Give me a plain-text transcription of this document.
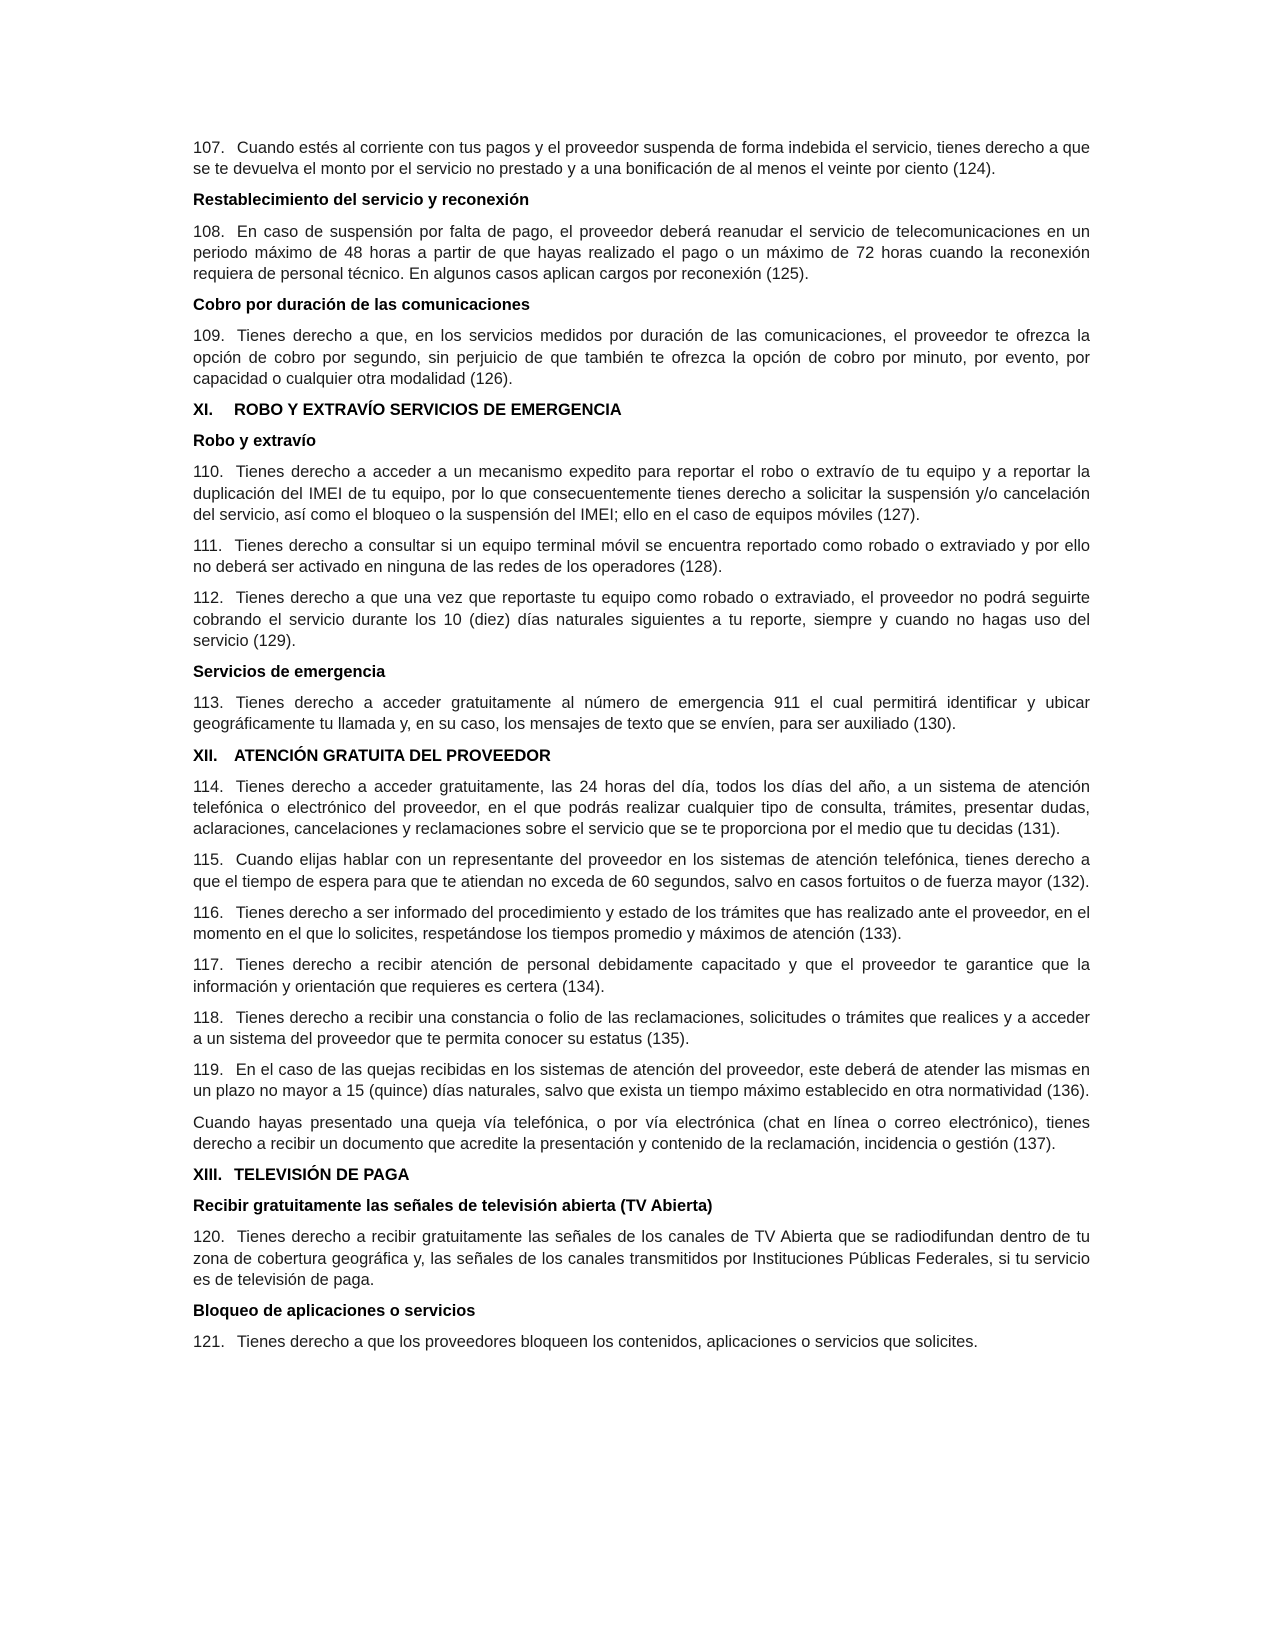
107. Cuando estés al corriente con tus pagos y el proveedor suspenda de forma indebida el servicio, tienes derecho a que se te devuelva el monto por el servicio no prestado y a una bonificación de al menos el veinte por ciento (124).

Restablecimiento del servicio y reconexión

108. En caso de suspensión por falta de pago, el proveedor deberá reanudar el servicio de telecomunicaciones en un periodo máximo de 48 horas a partir de que hayas realizado el pago o un máximo de 72 horas cuando la reconexión requiera de personal técnico. En algunos casos aplican cargos por reconexión (125).

Cobro por duración de las comunicaciones

109. Tienes derecho a que, en los servicios medidos por duración de las comunicaciones, el proveedor te ofrezca la opción de cobro por segundo, sin perjuicio de que también te ofrezca la opción de cobro por minuto, por evento, por capacidad o cualquier otra modalidad (126).

XI. ROBO Y EXTRAVÍO SERVICIOS DE EMERGENCIA

Robo y extravío

110. Tienes derecho a acceder a un mecanismo expedito para reportar el robo o extravío de tu equipo y a reportar la duplicación del IMEI de tu equipo, por lo que consecuentemente tienes derecho a solicitar la suspensión y/o cancelación del servicio, así como el bloqueo o la suspensión del IMEI; ello en el caso de equipos móviles (127).

111. Tienes derecho a consultar si un equipo terminal móvil se encuentra reportado como robado o extraviado y por ello no deberá ser activado en ninguna de las redes de los operadores (128).

112. Tienes derecho a que una vez que reportaste tu equipo como robado o extraviado, el proveedor no podrá seguirte cobrando el servicio durante los 10 (diez) días naturales siguientes a tu reporte, siempre y cuando no hagas uso del servicio (129).

Servicios de emergencia

113. Tienes derecho a acceder gratuitamente al número de emergencia 911 el cual permitirá identificar y ubicar geográficamente tu llamada y, en su caso, los mensajes de texto que se envíen, para ser auxiliado (130).

XII. ATENCIÓN GRATUITA DEL PROVEEDOR

114. Tienes derecho a acceder gratuitamente, las 24 horas del día, todos los días del año, a un sistema de atención telefónica o electrónico del proveedor, en el que podrás realizar cualquier tipo de consulta, trámites, presentar dudas, aclaraciones, cancelaciones y reclamaciones sobre el servicio que se te proporciona por el medio que tu decidas (131).

115. Cuando elijas hablar con un representante del proveedor en los sistemas de atención telefónica, tienes derecho a que el tiempo de espera para que te atiendan no exceda de 60 segundos, salvo en casos fortuitos o de fuerza mayor (132).

116. Tienes derecho a ser informado del procedimiento y estado de los trámites que has realizado ante el proveedor, en el momento en el que lo solicites, respetándose los tiempos promedio y máximos de atención (133).

117. Tienes derecho a recibir atención de personal debidamente capacitado y que el proveedor te garantice que la información y orientación que requieres es certera (134).

118. Tienes derecho a recibir una constancia o folio de las reclamaciones, solicitudes o trámites que realices y a acceder a un sistema del proveedor que te permita conocer su estatus (135).

119. En el caso de las quejas recibidas en los sistemas de atención del proveedor, este deberá de atender las mismas en un plazo no mayor a 15 (quince) días naturales, salvo que exista un tiempo máximo establecido en otra normatividad (136).

Cuando hayas presentado una queja vía telefónica, o por vía electrónica (chat en línea o correo electrónico), tienes derecho a recibir un documento que acredite la presentación y contenido de la reclamación, incidencia o gestión (137).

XIII. TELEVISIÓN DE PAGA

Recibir gratuitamente las señales de televisión abierta (TV Abierta)

120. Tienes derecho a recibir gratuitamente las señales de los canales de TV Abierta que se radiodifundan dentro de tu zona de cobertura geográfica y, las señales de los canales transmitidos por Instituciones Públicas Federales, si tu servicio es de televisión de paga.

Bloqueo de aplicaciones o servicios

121. Tienes derecho a que los proveedores bloqueen los contenidos, aplicaciones o servicios que solicites.
